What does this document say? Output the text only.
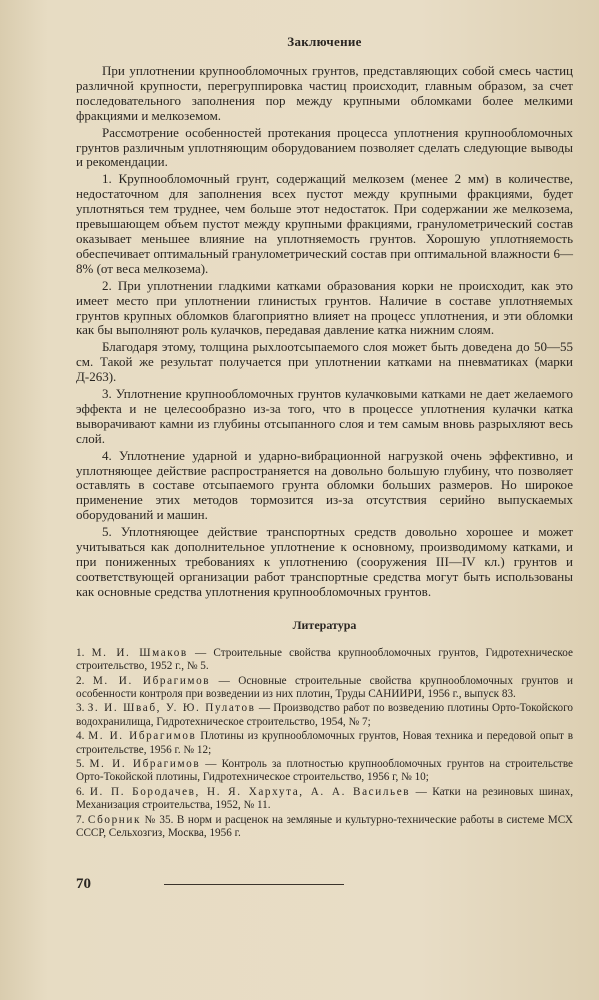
Заключение

При уплотнении крупнообломочных грунтов, представляющих собой смесь частиц различной крупности, перегруппировка частиц происходит, главным образом, за счет последовательного заполнения пор между крупными обломками более мелкими фракциями и мелкоземом.

Рассмотрение особенностей протекания процесса уплотнения крупнообломочных грунтов различным уплотняющим оборудованием позволяет сделать следующие выводы и рекомендации.

1. Крупнообломочный грунт, содержащий мелкозем (менее 2 мм) в количестве, недостаточном для заполнения всех пустот между крупными фракциями, будет уплотняться тем труднее, чем больше этот недостаток. При содержании же мелкозема, превышающем объем пустот между крупными фракциями, гранулометрический состав оказывает меньшее влияние на уплотняемость грунтов. Хорошую уплотняемость обеспечивает оптимальный гранулометрический состав при оптимальной влажности 6—8% (от веса мелкозема).

2. При уплотнении гладкими катками образования корки не происходит, как это имеет место при уплотнении глинистых грунтов. Наличие в составе уплотняемых грунтов крупных обломков благоприятно влияет на процесс уплотнения, и эти обломки как бы выполняют роль кулачков, передавая давление катка нижним слоям.

Благодаря этому, толщина рыхлоотсыпаемого слоя может быть доведена до 50—55 см. Такой же результат получается при уплотнении катками на пневматиках (марки Д-263).

3. Уплотнение крупнообломочных грунтов кулачковыми катками не дает желаемого эффекта и не целесообразно из-за того, что в процессе уплотнения кулачки катка выворачивают камни из глубины отсыпанного слоя и тем самым вновь разрыхляют весь слой.

4. Уплотнение ударной и ударно-вибрационной нагрузкой очень эффективно, и уплотняющее действие распространяется на довольно большую глубину, что позволяет оставлять в составе отсыпаемого грунта обломки больших размеров. Но широкое применение этих методов тормозится из-за отсутствия серийно выпускаемых оборудований и машин.

5. Уплотняющее действие транспортных средств довольно хорошее и может учитываться как дополнительное уплотнение к основному, производимому катками, и при пониженных требованиях к уплотнению (сооружения III—IV кл.) грунтов и соответствующей организации работ транспортные средства могут быть использованы как основные средства уплотнения крупнообломочных грунтов.

Литература
1. М. И. Шмаков — Строительные свойства крупнообломочных грунтов, Гидротехническое строительство, 1952 г., № 5.
2. М. И. Ибрагимов — Основные строительные свойства крупнообломочных грунтов и особенности контроля при возведении из них плотин, Труды САНИИРИ, 1956 г., выпуск 83.
3. З. И. Шваб, У. Ю. Пулатов — Производство работ по возведению плотины Орто-Токойского водохранилища, Гидротехническое строительство, 1954, № 7;
4. М. И. Ибрагимов Плотины из крупнообломочных грунтов, Новая техника и передовой опыт в строительстве, 1956 г. № 12;
5. М. И. Ибрагимов — Контроль за плотностью крупнообломочных грунтов на строительстве Орто-Токойской плотины, Гидротехническое строительство, 1956 г, № 10;
6. И. П. Бородачев, Н. Я. Хархута, А. А. Васильев — Катки на резиновых шинах, Механизация строительства, 1952, № 11.
7. Сборник № 35. В норм и расценок на земляные и культурно-технические работы в системе МСХ СССР, Сельхозгиз, Москва, 1956 г.
70
